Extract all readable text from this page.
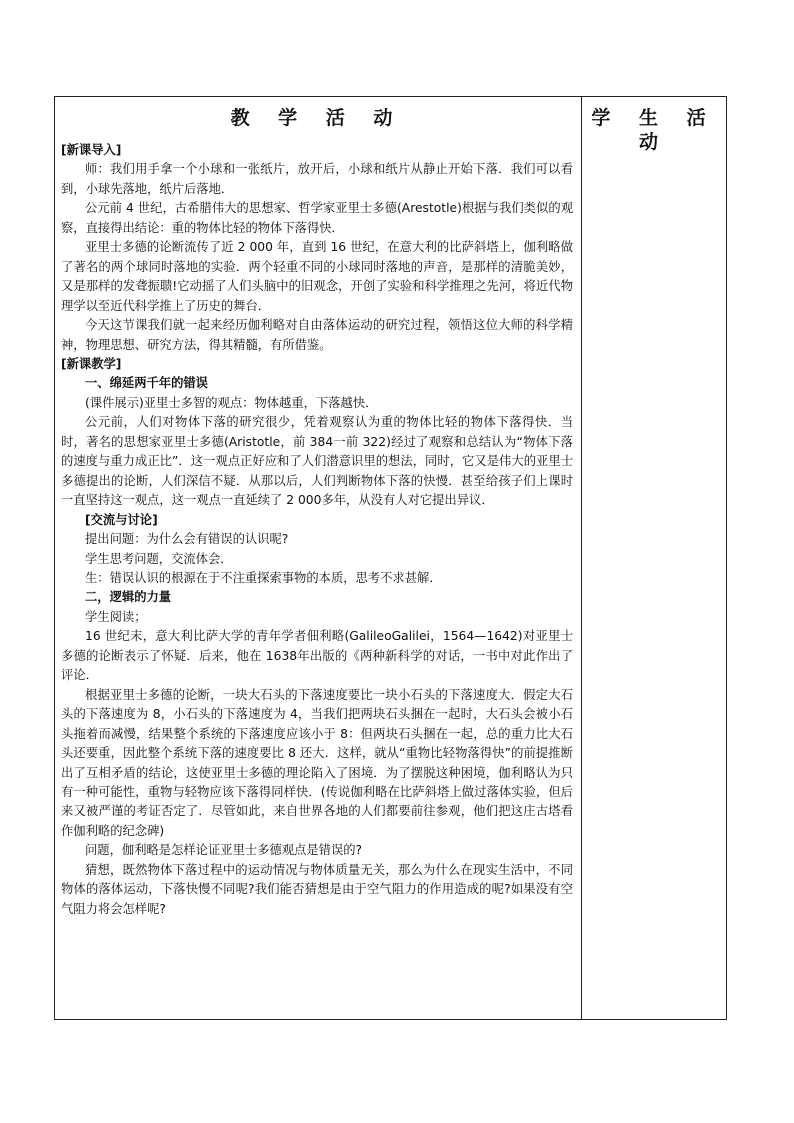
教 学 活 动

[新课导入]

师：我们用手拿一个小球和一张纸片，放开后，小球和纸片从静止开始下落．我们可以看到，小球先落地，纸片后落地．

公元前 4 世纪，古希腊伟大的思想家、哲学家亚里士多德(Arestotle)根据与我们类似的观察，直接得出结论：重的物体比轻的物体下落得快．

亚里士多德的论断流传了近 2 000 年，直到 16 世纪，在意大利的比萨斜塔上，伽利略做了著名的两个球同时落地的实验．两个轻重不同的小球同时落地的声音，是那样的清脆美妙，又是那样的发聋振聩!它动摇了人们头脑中的旧观念，开创了实验和科学推理之先河，将近代物理学以至近代科学推上了历史的舞台．

今天这节课我们就一起来经历伽利略对自由落体运动的研究过程，领悟这位大师的科学精神，物理思想、研究方法，得其精髓，有所借鉴。

[新课教学]

一、绵延两千年的错误

(课件展示)亚里士多智的观点：物体越重，下落越快．

公元前，人们对物体下落的研究很少，凭着观察认为重的物体比轻的物体下落得快．当时，著名的思想家亚里士多德(Aristotle，前 384一前 322)经过了观察和总结认为“物体下落的速度与重力成正比”．这一观点正好应和了人们潜意识里的想法，同时，它又是伟大的亚里士多德提出的论断，人们深信不疑．从那以后，人们判断物体下落的快慢．甚至给孩子们上课时一直坚持这一观点，这一观点一直延续了 2 000多年，从没有人对它提出异议．

[交流与讨论]

提出问题：为什么会有错误的认识呢?

学生思考问题，交流体会．

生：错误认识的根源在于不注重探索事物的本质，思考不求甚解．

二，逻辑的力量

学生阅读；

16 世纪末，意大利比萨大学的青年学者佃利略(GalileoGalilei，1564—1642)对亚里士多德的论断表示了怀疑．后来，他在 1638年出版的《两种新科学的对话，一书中对此作出了评论．

根据亚里士多德的论断，一块大石头的下落速度要比一块小石头的下落速度大．假定大石头的下落速度为 8，小石头的下落速度为 4，当我们把两块石头捆在一起时，大石头会被小石头拖着而减慢，结果整个系统的下落速度应该小于 8：但两块石头捆在一起，总的重力比大石头还要重，因此整个系统下落的速度要比 8 还大．这样，就从“重物比轻物落得快”的前提推断出了互相矛盾的结论，这使亚里士多德的理论陷入了困境．为了摆脱这种困境，伽利略认为只有一种可能性，重物与轻物应该下落得同样快．(传说伽利略在比萨斜塔上做过落体实验，但后来又被严谨的考证否定了．尽管如此，来自世界各地的人们都要前往参观，他们把这庄古塔看作伽利略的纪念碑)

问题，伽利略是怎样论证亚里士多德观点是错误的?

猜想，既然物体下落过程中的运动情况与物体质量无关，那么为什么在现实生活中，不同物体的落体运动，下落快慢不同呢?我们能否猜想是由于空气阻力的作用造成的呢?如果没有空气阻力将会怎样呢?

学 生 活 动
